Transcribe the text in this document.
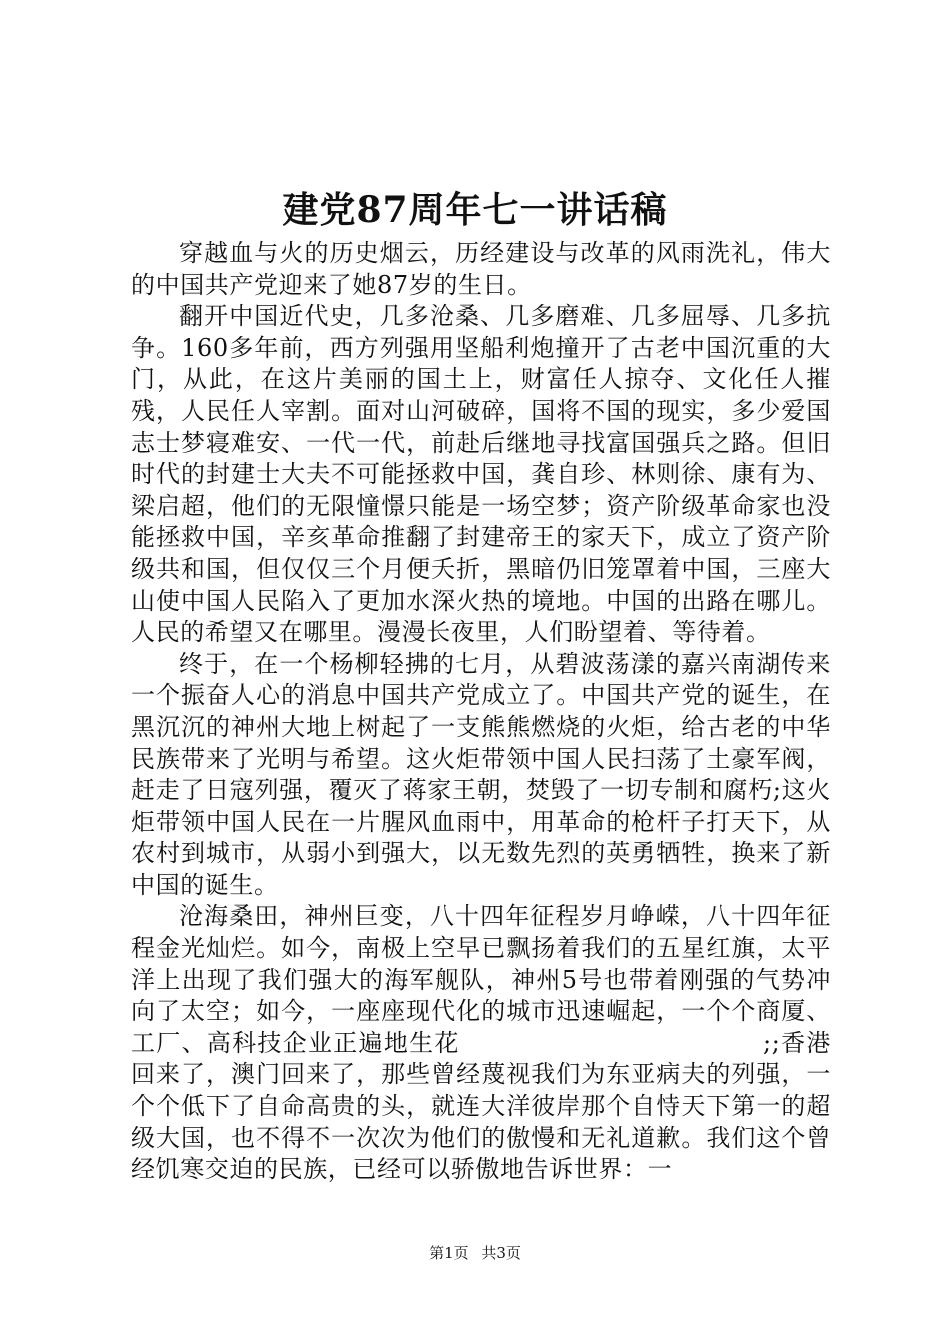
建党87周年七一讲话稿

穿越血与火的历史烟云，历经建设与改革的风雨洗礼，伟大的中国共产党迎来了她87岁的生日。

翻开中国近代史，几多沧桑、几多磨难、几多屈辱、几多抗争。160多年前，西方列强用坚船利炮撞开了古老中国沉重的大门，从此，在这片美丽的国土上，财富任人掠夺、文化任人摧残，人民任人宰割。面对山河破碎，国将不国的现实，多少爱国志士梦寝难安、一代一代，前赴后继地寻找富国强兵之路。但旧时代的封建士大夫不可能拯救中国，龚自珍、林则徐、康有为、梁启超，他们的无限憧憬只能是一场空梦；资产阶级革命家也没能拯救中国，辛亥革命推翻了封建帝王的家天下，成立了资产阶级共和国，但仅仅三个月便夭折，黑暗仍旧笼罩着中国，三座大山使中国人民陷入了更加水深火热的境地。中国的出路在哪儿。人民的希望又在哪里。漫漫长夜里，人们盼望着、等待着。

终于，在一个杨柳轻拂的七月，从碧波荡漾的嘉兴南湖传来一个振奋人心的消息中国共产党成立了。中国共产党的诞生，在黑沉沉的神州大地上树起了一支熊熊燃烧的火炬，给古老的中华民族带来了光明与希望。这火炬带领中国人民扫荡了土豪军阀，赶走了日寇列强，覆灭了蒋家王朝，焚毁了一切专制和腐朽;这火炬带领中国人民在一片腥风血雨中，用革命的枪杆子打天下，从农村到城市，从弱小到强大，以无数先烈的英勇牺牲，换来了新中国的诞生。

沧海桑田，神州巨变，八十四年征程岁月峥嵘，八十四年征程金光灿烂。如今，南极上空早已飘扬着我们的五星红旗，太平洋上出现了我们强大的海军舰队，神州5号也带着刚强的气势冲向了太空；如今，一座座现代化的城市迅速崛起，一个个商厦、工厂、高科技企业正遍地生花　　　　　　　　　　　　;;香港回来了，澳门回来了，那些曾经蔑视我们为东亚病夫的列强，一个个低下了自命高贵的头，就连大洋彼岸那个自恃天下第一的超级大国，也不得不一次次为他们的傲慢和无礼道歉。我们这个曾经饥寒交迫的民族，已经可以骄傲地告诉世界：一

第1页 共3页
